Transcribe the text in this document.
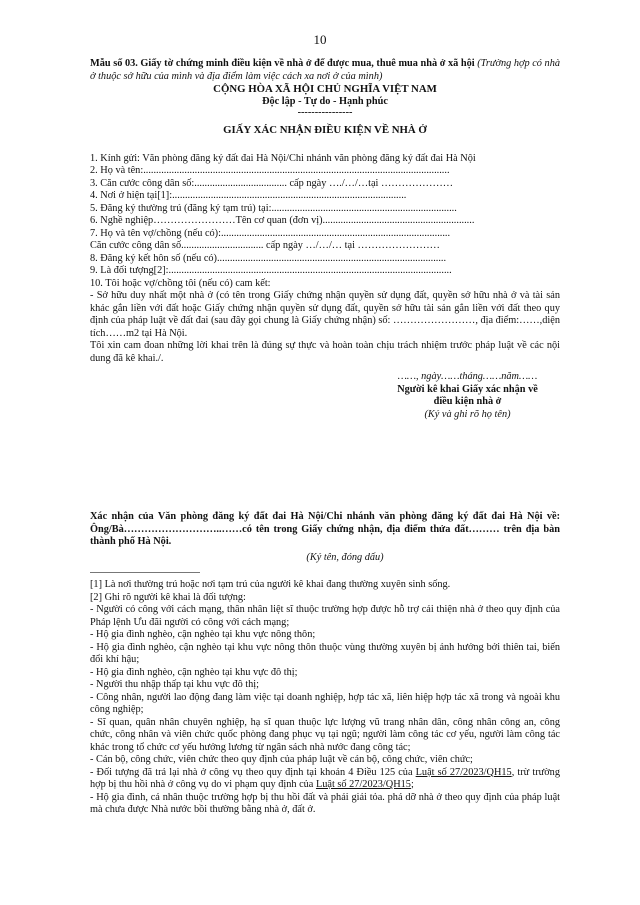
10
Mẫu số 03. Giấy tờ chứng minh điều kiện về nhà ở để được mua, thuê mua nhà ở xã hội (Trường hợp có nhà ở thuộc sở hữu của mình và địa điểm làm việc cách xa nơi ở của mình)
CỘNG HÒA XÃ HỘI CHỦ NGHĨA VIỆT NAM
Độc lập - Tự do - Hạnh phúc
----------------
GIẤY XÁC NHẬN ĐIỀU KIỆN VỀ NHÀ Ở
1. Kính gửi: Văn phòng đăng ký đất đai Hà Nội/Chi nhánh văn phòng đăng ký đất đai Hà Nội
2. Họ và tên:.......................................................................................................................
3. Căn cước công dân số:.................................... cấp ngày …./…/…tại …………………
4. Nơi ở hiện tại[1]:...........................................................................................
5. Đăng ký thường trú (đăng ký tạm trú) tại:........................................................................
6. Nghề nghiệp……………………Tên cơ quan (đơn vị)...........................................................
7. Họ và tên vợ/chồng (nếu có):.........................................................................................
Căn cước công dân số................................ cấp ngày …/…/… tại ……………………
8. Đăng ký kết hôn số (nếu có).........................................................................................
9. Là đối tượng[2]:..............................................................................................................
10. Tôi hoặc vợ/chồng tôi (nếu có) cam kết:
- Sở hữu duy nhất một nhà ở (có tên trong Giấy chứng nhận quyền sử dụng đất, quyền sở hữu nhà ở và tài sản khác gắn liền với đất hoặc Giấy chứng nhận quyền sử dụng đất, quyền sở hữu tài sản gắn liền với đất theo quy định của pháp luật về đất đai (sau đây gọi chung là Giấy chứng nhận) số: ……………………, địa điểm:……,diện tích……m2 tại Hà Nội.
Tôi xin cam đoan những lời khai trên là đúng sự thực và hoàn toàn chịu trách nhiệm trước pháp luật về các nội dung đã kê khai./.
……, ngày……tháng……năm……
Người kê khai Giấy xác nhận về
điều kiện nhà ở
(Ký và ghi rõ họ tên)
Xác nhận của Văn phòng đăng ký đất đai Hà Nội/Chi nhánh văn phòng đăng ký đất đai Hà Nội về: Ông/Bà………………………..……có tên trong Giấy chứng nhận, địa điểm thửa đất……… trên địa bàn thành phố Hà Nội.
(Ký tên, đóng dấu)
[1] Là nơi thường trú hoặc nơi tạm trú của người kê khai đang thường xuyên sinh sống.
[2] Ghi rõ người kê khai là đối tượng:
- Người có công với cách mạng, thân nhân liệt sĩ thuộc trường hợp được hỗ trợ cải thiện nhà ở theo quy định của Pháp lệnh Ưu đãi người có công với cách mạng;
- Hộ gia đình nghèo, cận nghèo tại khu vực nông thôn;
- Hộ gia đình nghèo, cận nghèo tại khu vực nông thôn thuộc vùng thường xuyên bị ảnh hưởng bởi thiên tai, biến đổi khí hậu;
- Hộ gia đình nghèo, cận nghèo tại khu vực đô thị;
- Người thu nhập thấp tại khu vực đô thị;
- Công nhân, người lao động đang làm việc tại doanh nghiệp, hợp tác xã, liên hiệp hợp tác xã trong và ngoài khu công nghiệp;
- Sĩ quan, quân nhân chuyên nghiệp, hạ sĩ quan thuộc lực lượng vũ trang nhân dân, công nhân công an, công chức, công nhân và viên chức quốc phòng đang phục vụ tại ngũ; người làm công tác cơ yếu, người làm công tác khác trong tổ chức cơ yếu hưởng lương từ ngân sách nhà nước đang công tác;
- Cán bộ, công chức, viên chức theo quy định của pháp luật về cán bộ, công chức, viên chức;
- Đối tượng đã trả lại nhà ở công vụ theo quy định tại khoản 4 Điều 125 của Luật số 27/2023/QH15, trừ trường hợp bị thu hồi nhà ở công vụ do vi phạm quy định của Luật số 27/2023/QH15;
- Hộ gia đình, cá nhân thuộc trường hợp bị thu hồi đất và phải giải tỏa. phá dỡ nhà ở theo quy định của pháp luật mà chưa được Nhà nước bồi thường bằng nhà ở, đất ở.
